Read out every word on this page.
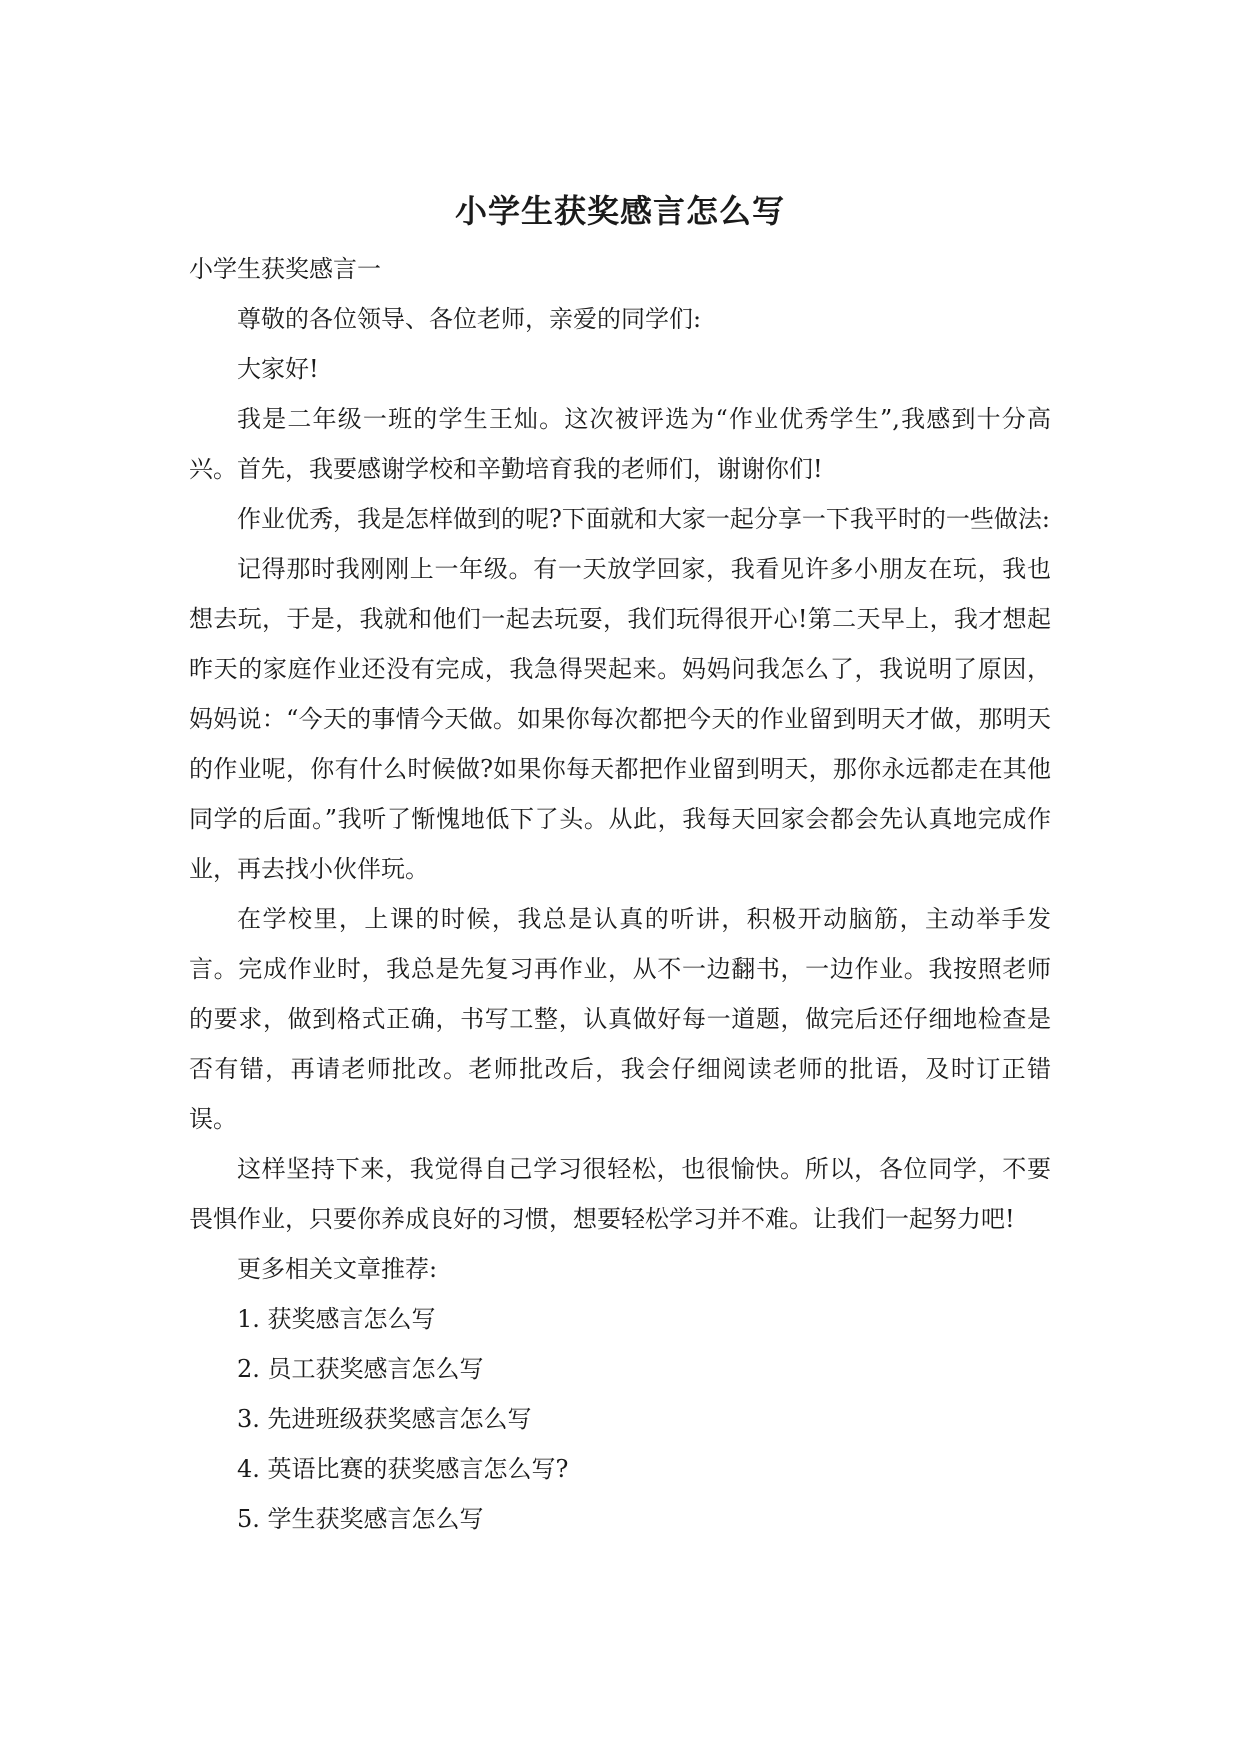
小学生获奖感言怎么写

小学生获奖感言一

尊敬的各位领导、各位老师，亲爱的同学们:

大家好!

我是二年级一班的学生王灿。这次被评选为“作业优秀学生”,我感到十分高兴。首先，我要感谢学校和辛勤培育我的老师们，谢谢你们!

作业优秀，我是怎样做到的呢?下面就和大家一起分享一下我平时的一些做法:

记得那时我刚刚上一年级。有一天放学回家，我看见许多小朋友在玩，我也想去玩，于是，我就和他们一起去玩耍，我们玩得很开心!第二天早上，我才想起昨天的家庭作业还没有完成，我急得哭起来。妈妈问我怎么了，我说明了原因，妈妈说：“今天的事情今天做。如果你每次都把今天的作业留到明天才做，那明天的作业呢，你有什么时候做?如果你每天都把作业留到明天，那你永远都走在其他同学的后面。”我听了惭愧地低下了头。从此，我每天回家会都会先认真地完成作业，再去找小伙伴玩。

在学校里，上课的时候，我总是认真的听讲，积极开动脑筋，主动举手发言。完成作业时，我总是先复习再作业，从不一边翻书，一边作业。我按照老师的要求，做到格式正确，书写工整，认真做好每一道题，做完后还仔细地检查是否有错，再请老师批改。老师批改后，我会仔细阅读老师的批语，及时订正错误。

这样坚持下来，我觉得自己学习很轻松，也很愉快。所以，各位同学，不要畏惧作业，只要你养成良好的习惯，想要轻松学习并不难。让我们一起努力吧!

更多相关文章推荐:

1. 获奖感言怎么写
2. 员工获奖感言怎么写
3. 先进班级获奖感言怎么写
4. 英语比赛的获奖感言怎么写?
5. 学生获奖感言怎么写
